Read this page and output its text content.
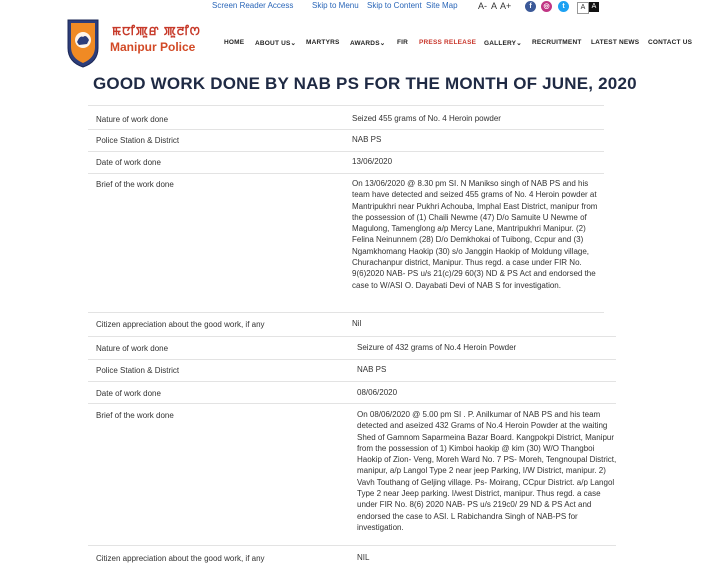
Screen Reader Access Skip to Menu Skip to Content Site Map A- A A+	f	◎	t	A A
ꯃꯅꯤꯄꯨꯔ ꯄꯨꯂꯤꯁ
Manipur Police	HOME ABOUT US⌄ MARTYRS AWARDS⌄ FIR PRESS RELEASE GALLERY⌄ RECRUITMENT LATEST NEWS CONTACT US
GOOD WORK DONE BY NAB PS FOR THE MONTH OF JUNE, 2020
Nature of work done	Seized 455 grams of No. 4 Heroin powder
Police Station & District	NAB PS
Date of work done	13/06/2020
Brief of the work done	On 13/06/2020 @ 8.30 pm SI. N Manikso singh of NAB PS and his team have detected and seized 455 grams of No. 4 Heroin powder at Mantripukhri near Pukhri Achouba, Imphal East District, manipur from the possession of (1) Chaili Newme (47) D/o Samuite U Newme of Magulong, Tamenglong a/p Mercy Lane, Mantripukhri Manipur. (2) Felina Neinunnem (28) D/o Demkhokai of Tuibong, Ccpur and (3) Ngamkhomang Haokip (30) s/o Janggin Haokip of Moldung village, Churachanpur district, Manipur. Thus regd. a case under FIR No. 9(6)2020 NAB- PS u/s 21(c)/29 60(3) ND & PS Act and endorsed the case to W/ASI O. Dayabati Devi of NAB S for investigation.
Citizen appreciation about the good work, if any	Nil
Nature of work done	Seizure of 432 grams of No.4 Heroin Powder
Police Station & District	NAB PS
Date of work done	08/06/2020
Brief of the work done	On 08/06/2020 @ 5.00 pm SI . P. Anilkumar of NAB PS and his team detected and aseized 432 Grams of No.4 Heroin Powder at the waiting Shed of Gamnom Saparmeina Bazar Board. Kangpokpi District, Manipur from the possession of 1) Kimboi haokip @ kim (30) W/O Thangboi Haokip of Zion- Veng, Moreh Ward No. 7 PS- Moreh, Tengnoupal District, manipur, a/p Langol Type 2 near jeep Parking, I/W District, manipur. 2) Vavh Touthang of Geljing village. Ps- Moirang, CCpur District. a/p Langol Type 2 near Jeep parking. I/west District, manipur. Thus regd. a case under FIR No. 8(6) 2020 NAB- PS u/s 219c0/ 29 ND & PS Act and endorsed the case to ASI. L Rabichandra Singh of NAB-PS for investigation.
Citizen appreciation about the good work, if any	NIL
